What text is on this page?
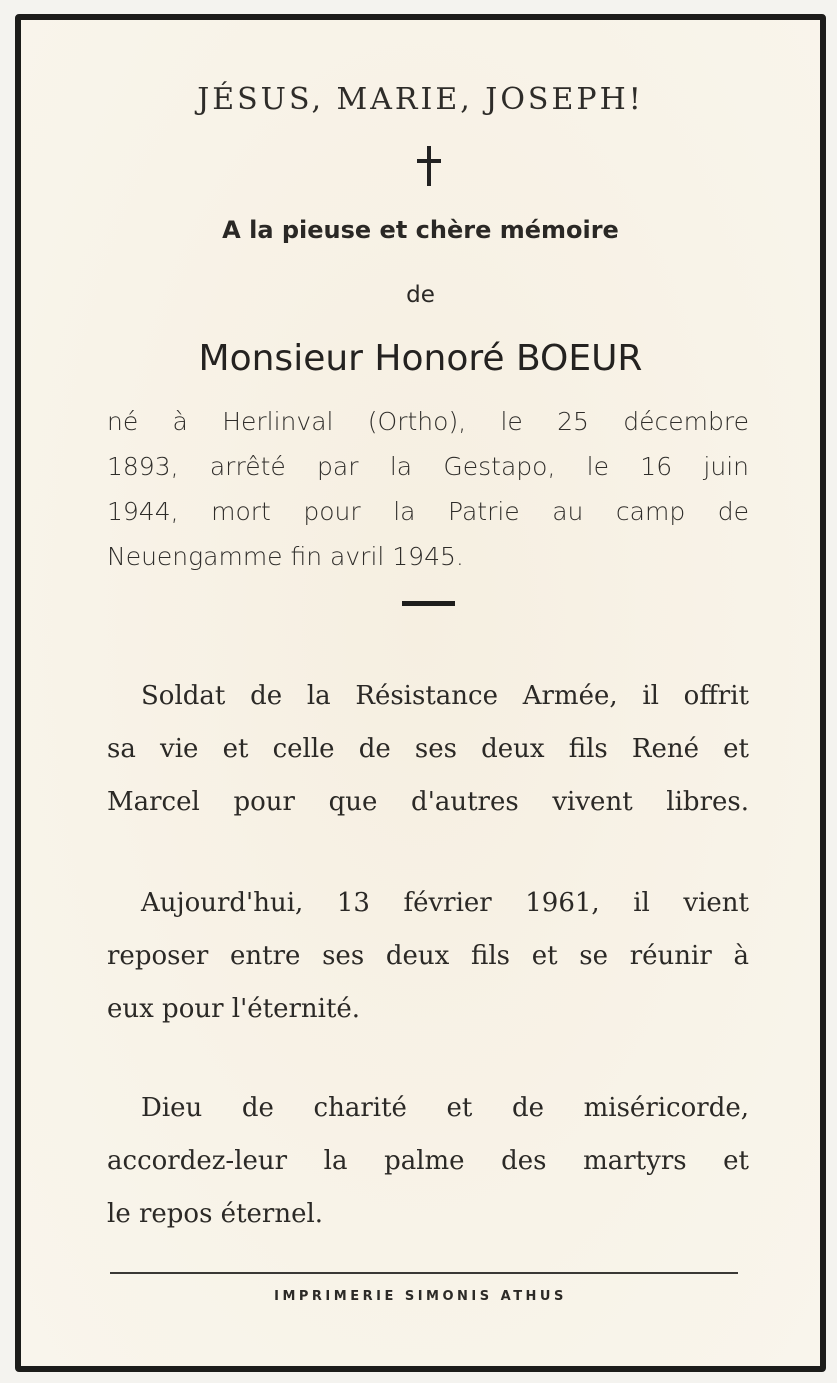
JÉSUS, MARIE, JOSEPH!
A la pieuse et chère mémoire
de
Monsieur Honoré BOEUR
né à Herlinval (Ortho), le 25 décembre
1893, arrêté par la Gestapo, le 16 juin
1944, mort pour la Patrie au camp de
Neuengamme fin avril 1945.
Soldat de la Résistance Armée, il offrit
sa vie et celle de ses deux fils René et
Marcel pour que d'autres vivent libres.
Aujourd'hui, 13 février 1961, il vient
reposer entre ses deux fils et se réunir à
eux pour l'éternité.
Dieu de charité et de miséricorde,
accordez-leur la palme des martyrs et
le repos éternel.
IMPRIMERIE SIMONIS ATHUS
